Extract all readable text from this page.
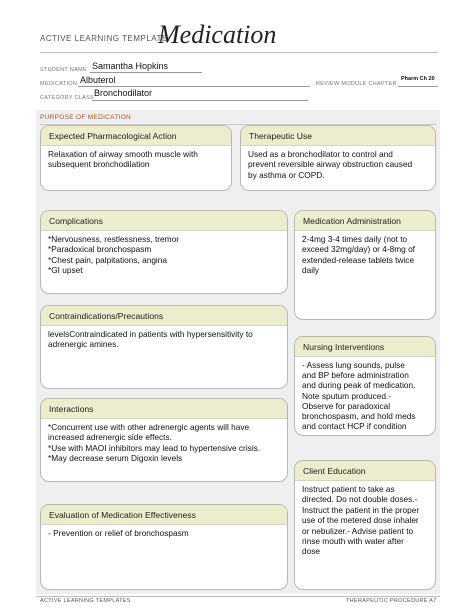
ACTIVE LEARNING TEMPLATE:
Medication
STUDENT NAME Samantha Hopkins
MEDICATION Albuterol
CATEGORY CLASS Bronchodilator
REVIEW MODULE CHAPTER
Pharm Ch 20
PURPOSE OF MEDICATION
Expected Pharmacological Action
Relaxation of airway smooth muscle with
subsequent bronchodilation
Therapeutic Use
Used as a bronchodilator to control and
prevent reversible airway obstruction caused
by asthma or COPD.
Complications
*Nervousness, restlessness, tremor
*Paradoxical bronchospasm
*Chest pain, palpitations, angina
*GI upset
Medication Administration
2-4mg 3-4 times daily (not to
exceed 32mg/day) or 4-8mg of
extended-release tablets twice
daily
Contraindications/Precautions
levelsContraindicated in patients with hypersensitivity to
adrenergic amines.	Nursing Interventions
- Assess lung sounds, pulse
and BP before administration
and during peak of medication.
Note sputum produced.-
Observe for paradoxical
bronchospasm, and hold meds
and contact HCP if condition
Interactions
*Concurrent use with other adrenergic agents will have
increased adrenergic side effects.
*Use with MAOI inhibitors may lead to hypertensive crisis.
*May decrease serum Digoxin levels
Client Education
Instruct patient to take as
directed. Do not double doses.-
Instruct the patient in the proper
use of the metered dose inhaler
or nebulizer.- Advise patient to
rinse mouth with water after
dose
Evaluation of Medication Effectiveness
- Prevention or relief of bronchospasm
ACTIVE LEARNING TEMPLATES	THERAPEUTIC PROCEDURE A7
